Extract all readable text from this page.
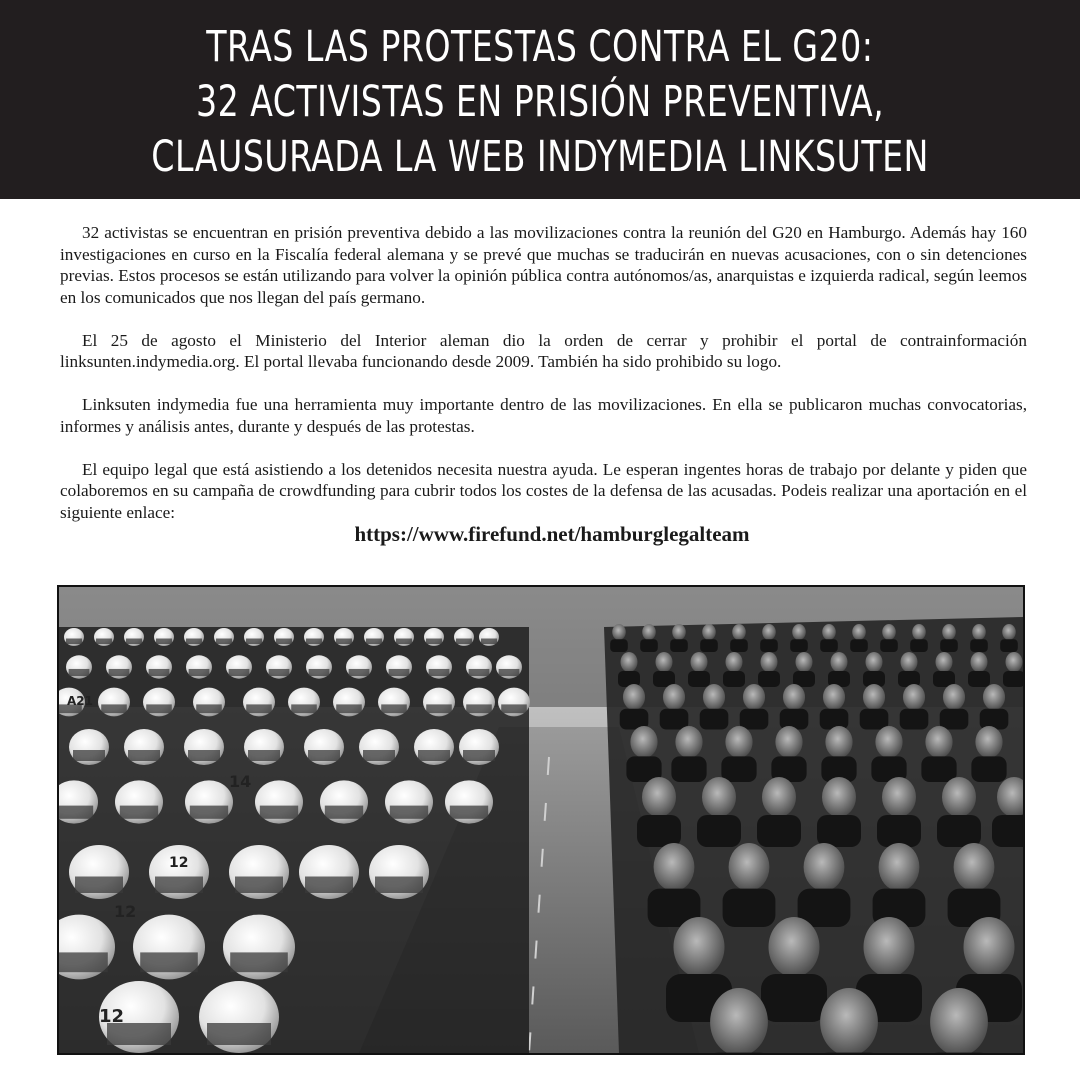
TRAS LAS PROTESTAS CONTRA EL G20:
32 ACTIVISTAS EN PRISIÓN PREVENTIVA,
CLAUSURADA LA WEB INDYMEDIA LINKSUTEN

32 activistas se encuentran en prisión preventiva debido a las movilizaciones contra la reunión del G20 en Hamburgo. Además hay 160 investigaciones en curso en la Fiscalía federal alemana y se prevé que muchas se traducirán en nuevas acusaciones, con o sin detenciones previas. Estos procesos se están utilizando para volver la opinión pública contra autónomos/as, anarquistas e izquierda radical, según leemos en los comunicados que nos llegan del país germano.

El 25 de agosto el Ministerio del Interior aleman dio la orden de cerrar y prohibir el portal de contrainformación linksunten.indymedia.org. El portal llevaba funcionando desde 2009. También ha sido prohibido su logo.

Linksuten indymedia fue una herramienta muy importante dentro de las movilizaciones. En ella se publicaron muchas convocatorias, informes y análisis antes, durante y después de las protestas.

El equipo legal que está asistiendo a los detenidos necesita nuestra ayuda. Le esperan ingentes horas de trabajo por delante y piden que colaboremos en su campaña de crowdfunding para cubrir todos los costes de la defensa de las acusadas. Podeis realizar una aportación en el siguiente enlace:

https://www.firefund.net/hamburglegalteam
12
14
12
A21
12
